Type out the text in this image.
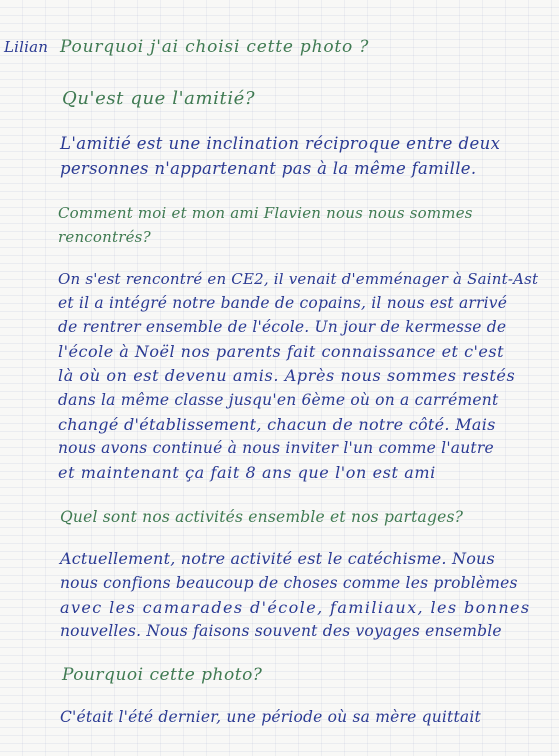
Lilian Pourquoi j'ai choisi cette photo ?
Qu'est que l'amitié?
L'amitié est une inclination réciproque entre deux
personnes n'appartenant pas à la même famille.
Comment moi et mon ami Flavien nous nous sommes
rencontrés?
On s'est rencontré en CE2, il venait d'emménager à Saint-Ast
et il a intégré notre bande de copains, il nous est arrivé
de rentrer ensemble de l'école. Un jour de kermesse de
l'école à Noël nos parents fait connaissance et c'est
là où on est devenu amis. Après nous sommes restés
dans la même classe jusqu'en 6ème où on a carrément
changé d'établissement, chacun de notre côté. Mais
nous avons continué à nous inviter l'un comme l'autre
et maintenant ça fait 8 ans que l'on est ami
Quel sont nos activités ensemble et nos partages?
Actuellement, notre activité est le catéchisme. Nous
nous confions beaucoup de choses comme les problèmes
avec les camarades d'école, familiaux, les bonnes
nouvelles. Nous faisons souvent des voyages ensemble
Pourquoi cette photo?
C'était l'été dernier, une période où sa mère quittait
